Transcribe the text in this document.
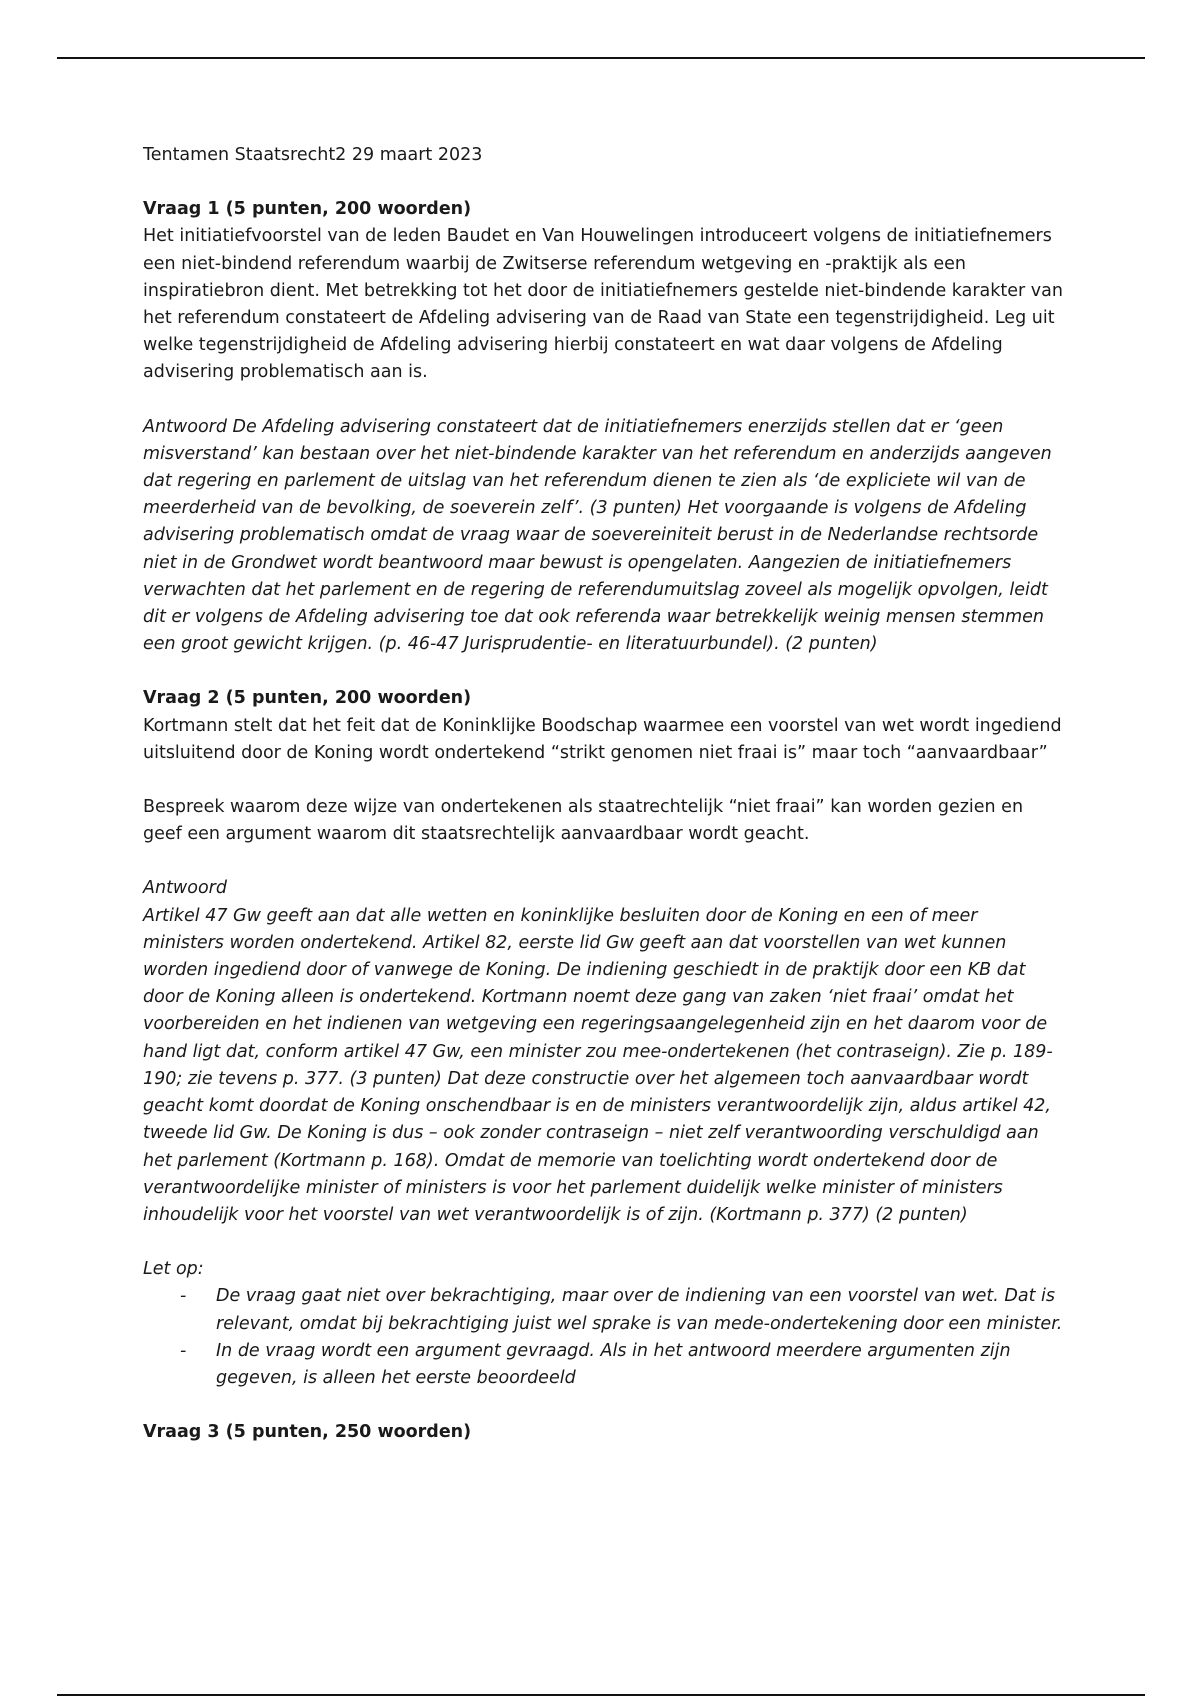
Tentamen Staatsrecht2 29 maart 2023

Vraag 1 (5 punten, 200 woorden)

Het initiatiefvoorstel van de leden Baudet en Van Houwelingen introduceert volgens de initiatiefnemers een niet-bindend referendum waarbij de Zwitserse referendum wetgeving en -praktijk als een inspiratiebron dient. Met betrekking tot het door de initiatiefnemers gestelde niet-bindende karakter van het referendum constateert de Afdeling advisering van de Raad van State een tegenstrijdigheid. Leg uit welke tegenstrijdigheid de Afdeling advisering hierbij constateert en wat daar volgens de Afdeling advisering problematisch aan is.

Antwoord De Afdeling advisering constateert dat de initiatiefnemers enerzijds stellen dat er ‘geen misverstand’ kan bestaan over het niet-bindende karakter van het referendum en anderzijds aangeven dat regering en parlement de uitslag van het referendum dienen te zien als ‘de expliciete wil van de meerderheid van de bevolking, de soeverein zelf’. (3 punten) Het voorgaande is volgens de Afdeling advisering problematisch omdat de vraag waar de soevereiniteit berust in de Nederlandse rechtsorde niet in de Grondwet wordt beantwoord maar bewust is opengelaten. Aangezien de initiatiefnemers verwachten dat het parlement en de regering de referendumuitslag zoveel als mogelijk opvolgen, leidt dit er volgens de Afdeling advisering toe dat ook referenda waar betrekkelijk weinig mensen stemmen een groot gewicht krijgen. (p. 46-47 Jurisprudentie- en literatuurbundel). (2 punten)

Vraag 2 (5 punten, 200 woorden)

Kortmann stelt dat het feit dat de Koninklijke Boodschap waarmee een voorstel van wet wordt ingediend uitsluitend door de Koning wordt ondertekend “strikt genomen niet fraai is” maar toch “aanvaardbaar”

Bespreek waarom deze wijze van ondertekenen als staatrechtelijk “niet fraai” kan worden gezien en geef een argument waarom dit staatsrechtelijk aanvaardbaar wordt geacht.

Antwoord

Artikel 47 Gw geeft aan dat alle wetten en koninklijke besluiten door de Koning en een of meer ministers worden ondertekend. Artikel 82, eerste lid Gw geeft aan dat voorstellen van wet kunnen worden ingediend door of vanwege de Koning. De indiening geschiedt in de praktijk door een KB dat door de Koning alleen is ondertekend. Kortmann noemt deze gang van zaken ‘niet fraai’ omdat het voorbereiden en het indienen van wetgeving een regeringsaangelegenheid zijn en het daarom voor de hand ligt dat, conform artikel 47 Gw, een minister zou mee-ondertekenen (het contraseign). Zie p. 189-190; zie tevens p. 377. (3 punten) Dat deze constructie over het algemeen toch aanvaardbaar wordt geacht komt doordat de Koning onschendbaar is en de ministers verantwoordelijk zijn, aldus artikel 42, tweede lid Gw. De Koning is dus – ook zonder contraseign – niet zelf verantwoording verschuldigd aan het parlement (Kortmann p. 168). Omdat de memorie van toelichting wordt ondertekend door de verantwoordelijke minister of ministers is voor het parlement duidelijk welke minister of ministers inhoudelijk voor het voorstel van wet verantwoordelijk is of zijn. (Kortmann p. 377) (2 punten)

Let op:

- De vraag gaat niet over bekrachtiging, maar over de indiening van een voorstel van wet. Dat is relevant, omdat bij bekrachtiging juist wel sprake is van mede-ondertekening door een minister.
- In de vraag wordt een argument gevraagd. Als in het antwoord meerdere argumenten zijn gegeven, is alleen het eerste beoordeeld

Vraag 3 (5 punten, 250 woorden)
